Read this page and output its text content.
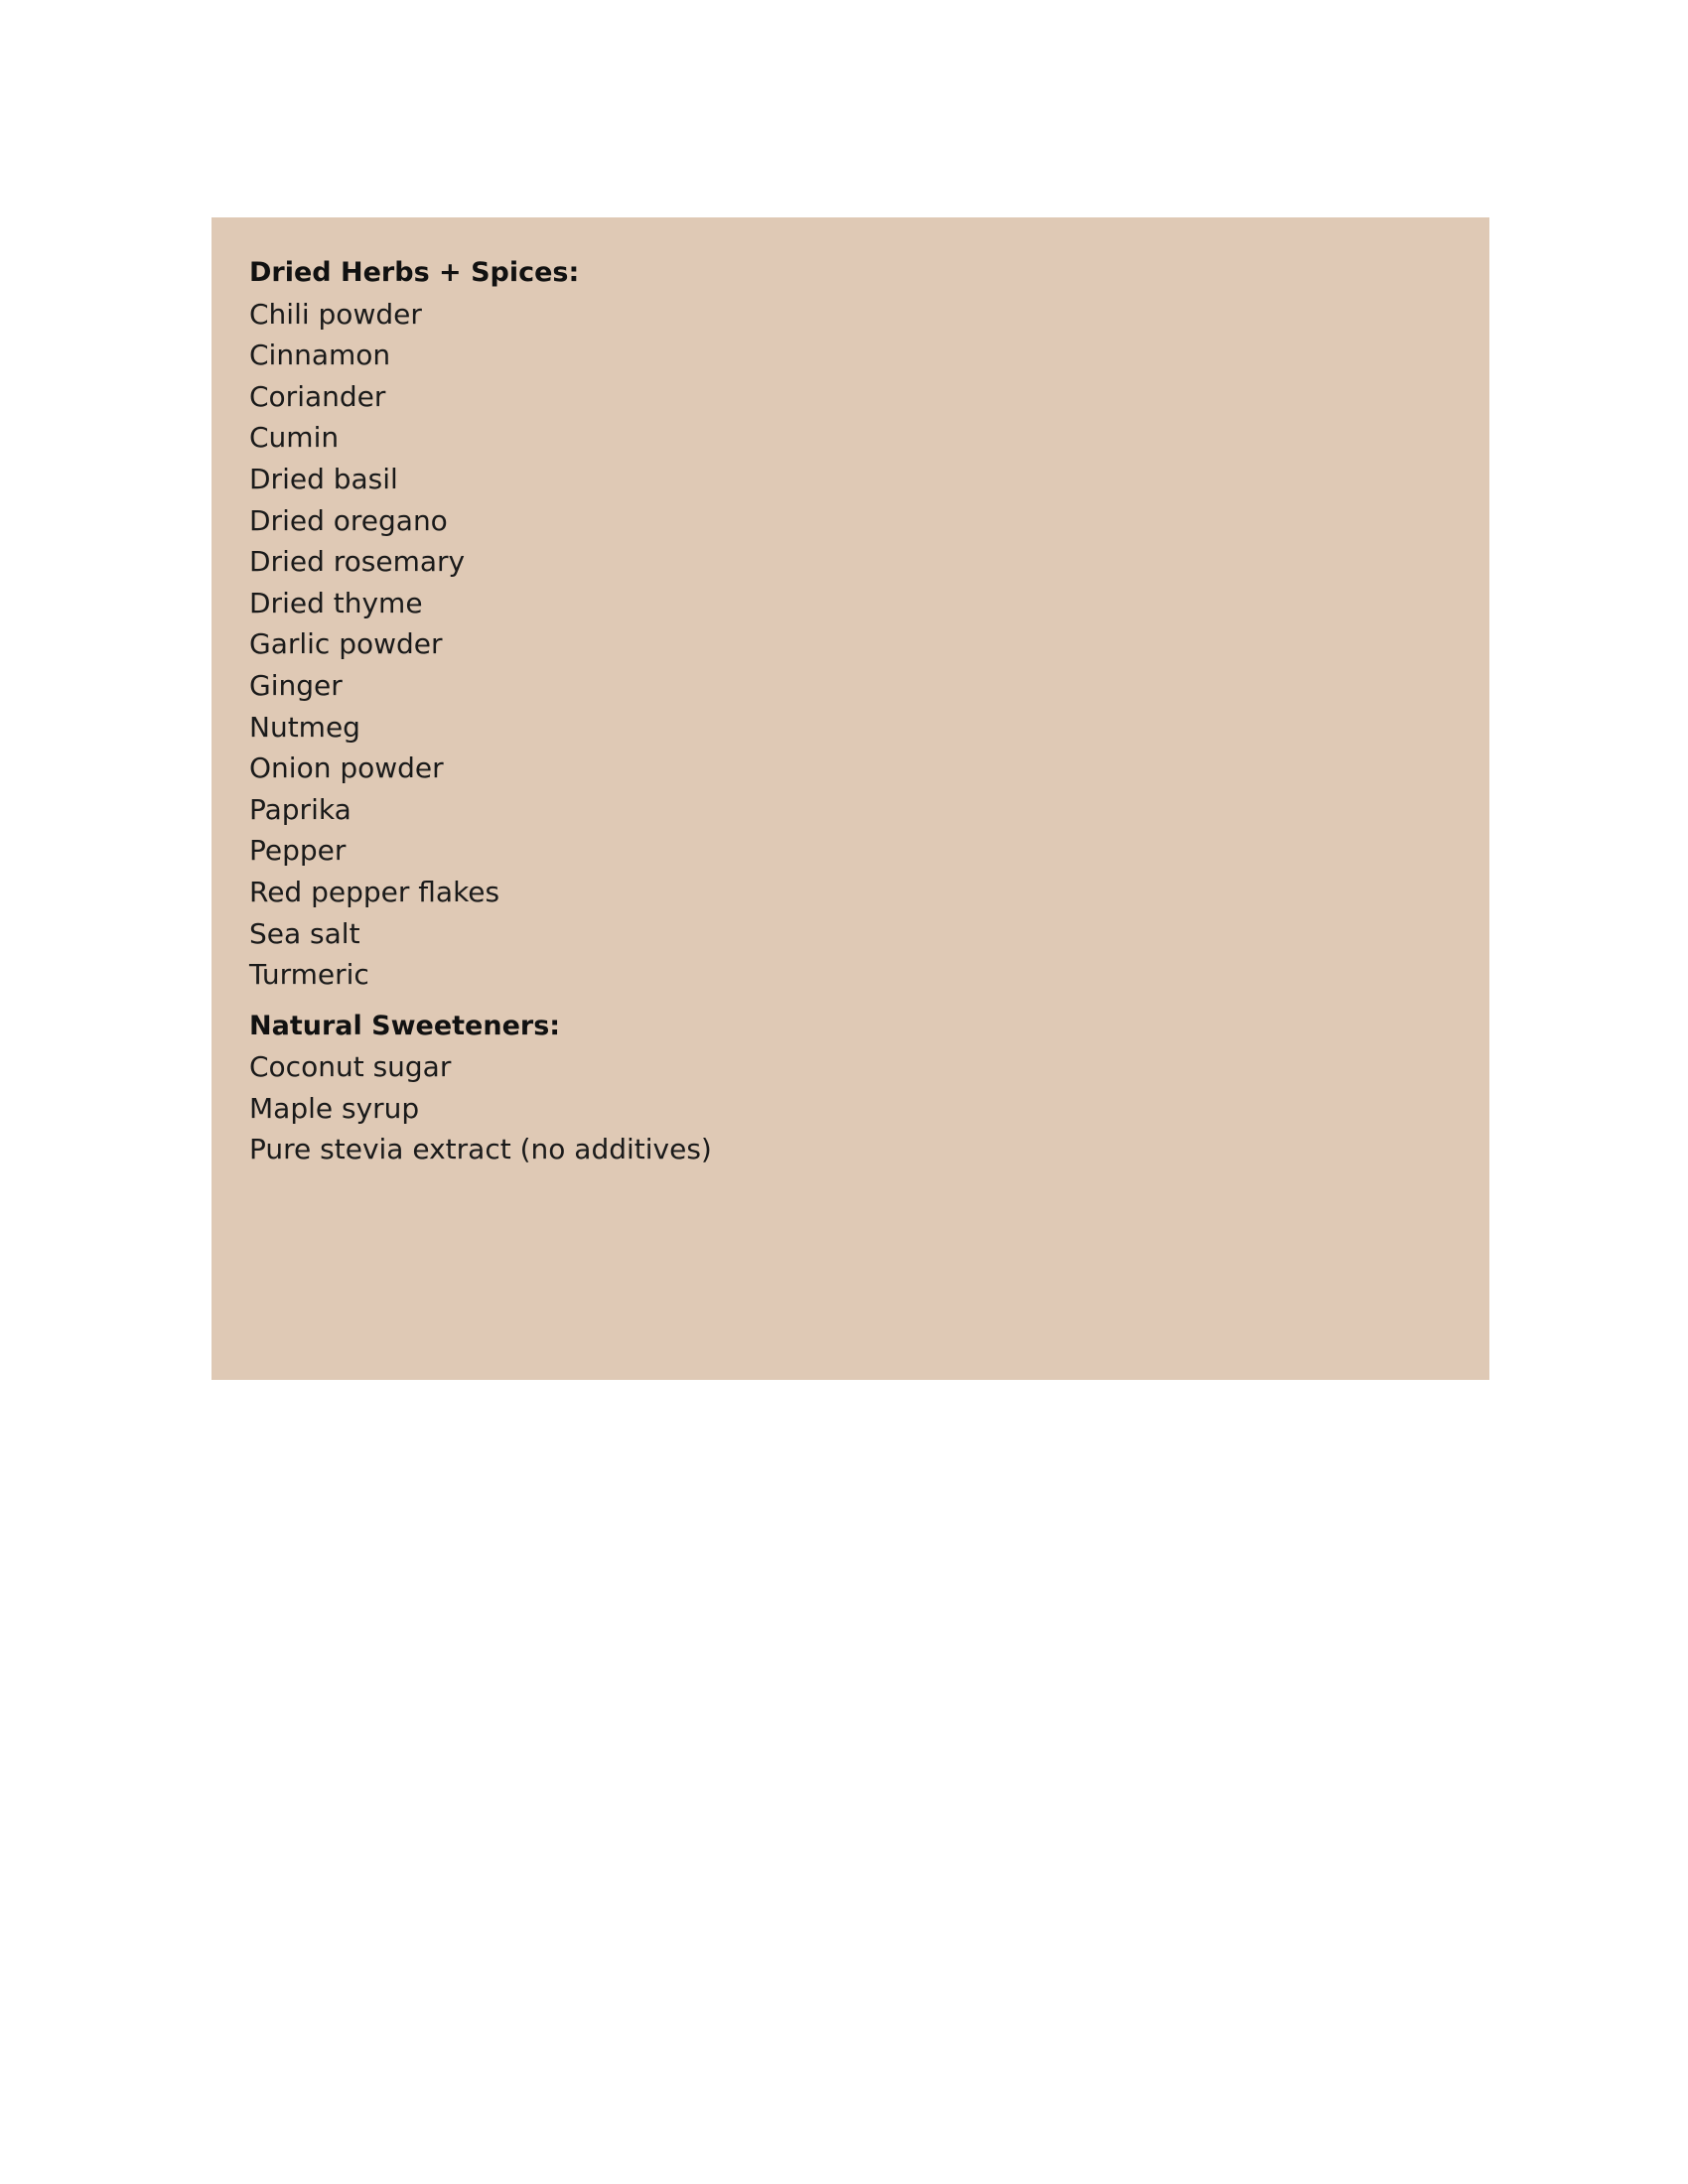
Dried Herbs + Spices:
Chili powder
Cinnamon
Coriander
Cumin
Dried basil
Dried oregano
Dried rosemary
Dried thyme
Garlic powder
Ginger
Nutmeg
Onion powder
Paprika
Pepper
Red pepper flakes
Sea salt
Turmeric
Natural Sweeteners:
Coconut sugar
Maple syrup
Pure stevia extract (no additives)
